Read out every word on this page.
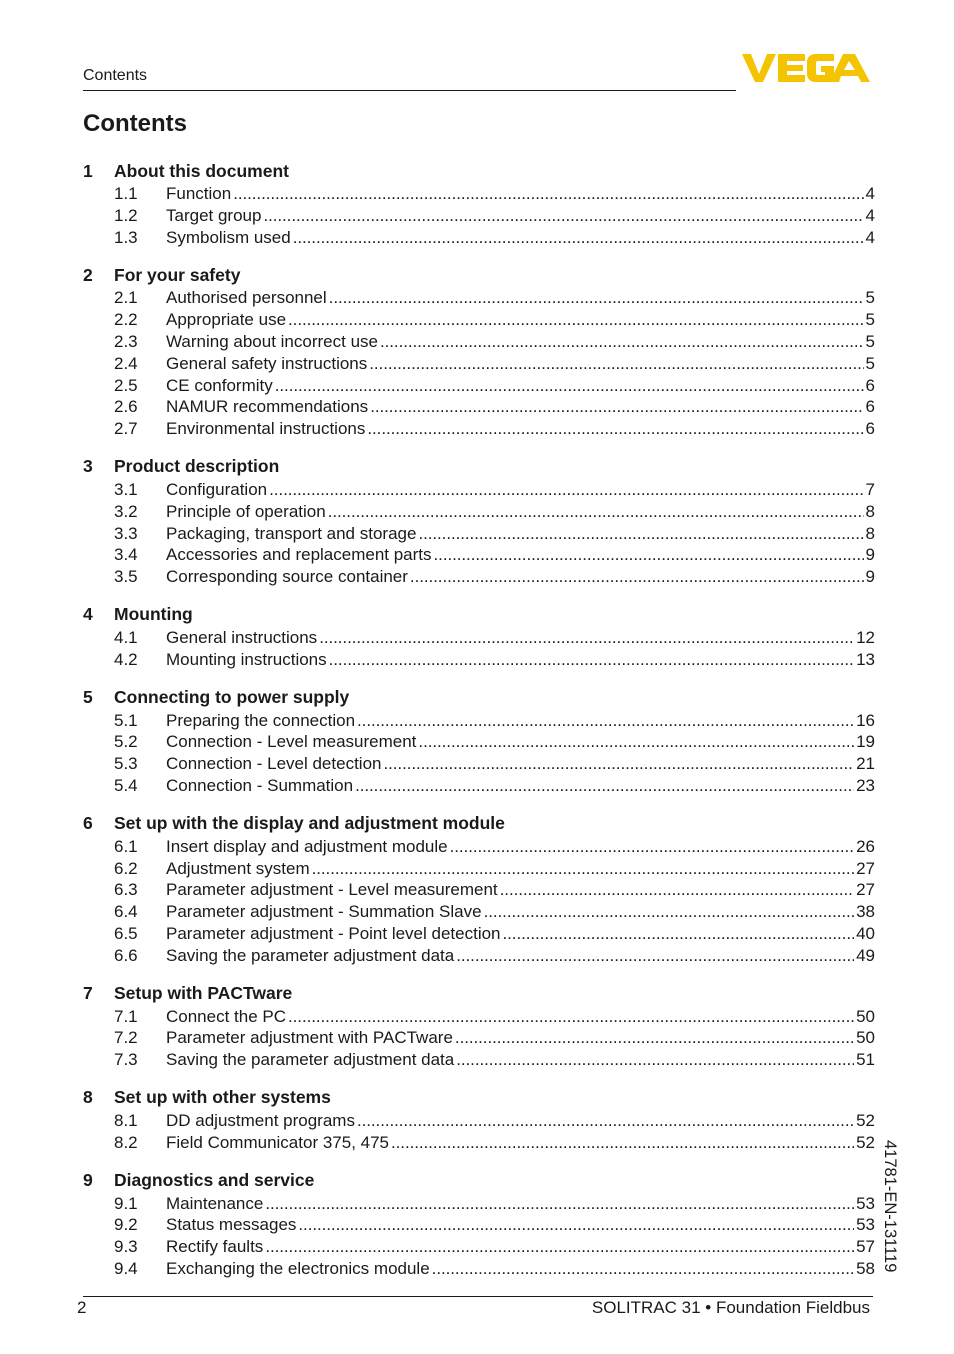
Contents
Contents
1	About this document
1.1	Function . . .	4
1.2	Target group . . .	4
1.3	Symbolism used . . .	4
2	For your safety
2.1	Authorised personnel . . .	5
2.2	Appropriate use . . .	5
2.3	Warning about incorrect use . . .	5
2.4	General safety instructions . . .	5
2.5	CE conformity . . .	6
2.6	NAMUR recommendations . . .	6
2.7	Environmental instructions . . .	6
3	Product description
3.1	Configuration . . .	7
3.2	Principle of operation . . .	8
3.3	Packaging, transport and storage . . .	8
3.4	Accessories and replacement parts . . .	9
3.5	Corresponding source container . . .	9
4	Mounting
4.1	General instructions . . .	12
4.2	Mounting instructions . . .	13
5	Connecting to power supply
5.1	Preparing the connection . . .	16
5.2	Connection - Level measurement . . .	19
5.3	Connection - Level detection . . .	21
5.4	Connection - Summation . . .	23
6	Set up with the display and adjustment module
6.1	Insert display and adjustment module . . .	26
6.2	Adjustment system . . .	27
6.3	Parameter adjustment - Level measurement . . .	27
6.4	Parameter adjustment - Summation Slave . . .	38
6.5	Parameter adjustment - Point level detection . . .	40
6.6	Saving the parameter adjustment data . . .	49
7	Setup with PACTware
7.1	Connect the PC . . .	50
7.2	Parameter adjustment with PACTware . . .	50
7.3	Saving the parameter adjustment data . . .	51
8	Set up with other systems
8.1	DD adjustment programs . . .	52
8.2	Field Communicator 375, 475 . . .	52
9	Diagnostics and service
9.1	Maintenance . . .	53
9.2	Status messages . . .	53
9.3	Rectify faults . . .	57
9.4	Exchanging the electronics module . . .	58
2	SOLITRAC 31 • Foundation Fieldbus
41781-EN-131119
